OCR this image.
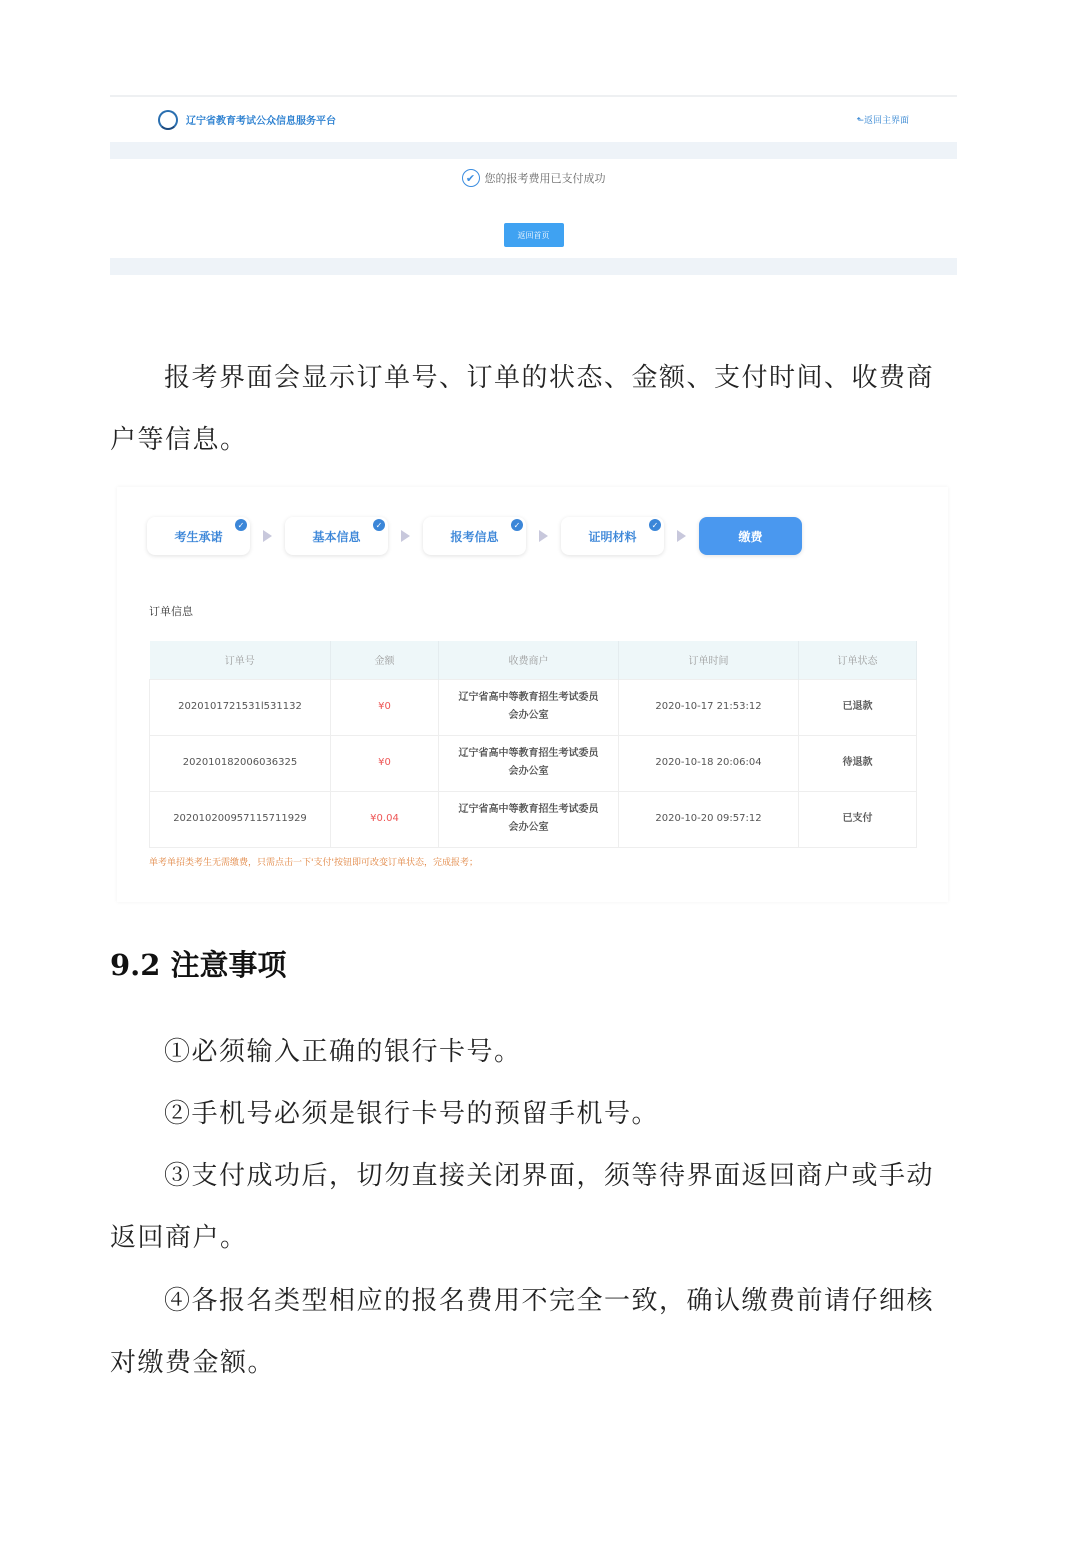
辽宁省教育考试公众信息服务平台	⬑返回主界面
✔ 您的报考费用已支付成功
返回首页

报考界面会显示订单号、订单的状态、金额、支付时间、收费商户等信息。

考生承诺
✓
基本信息
✓
报考信息
✓
证明材料
✓
缴费
订单信息
订单号	金额	收费商户	订单时间	订单状态
2020101721531l531132	¥0	辽宁省高中等教育招生考试委员会办公室	2020-10-17 21:53:12	已退款
202010182006036325	¥0	辽宁省高中等教育招生考试委员会办公室	2020-10-18 20:06:04	待退款
202010200957115711929	¥0.04	辽宁省高中等教育招生考试委员会办公室	2020-10-20 09:57:12	已支付
单考单招类考生无需缴费，只需点击一下'支付'按钮即可改变订单状态，完成报考；
9.2 注意事项

①必须输入正确的银行卡号。

②手机号必须是银行卡号的预留手机号。

③支付成功后，切勿直接关闭界面，须等待界面返回商户或手动返回商户。

④各报名类型相应的报名费用不完全一致，确认缴费前请仔细核对缴费金额。
